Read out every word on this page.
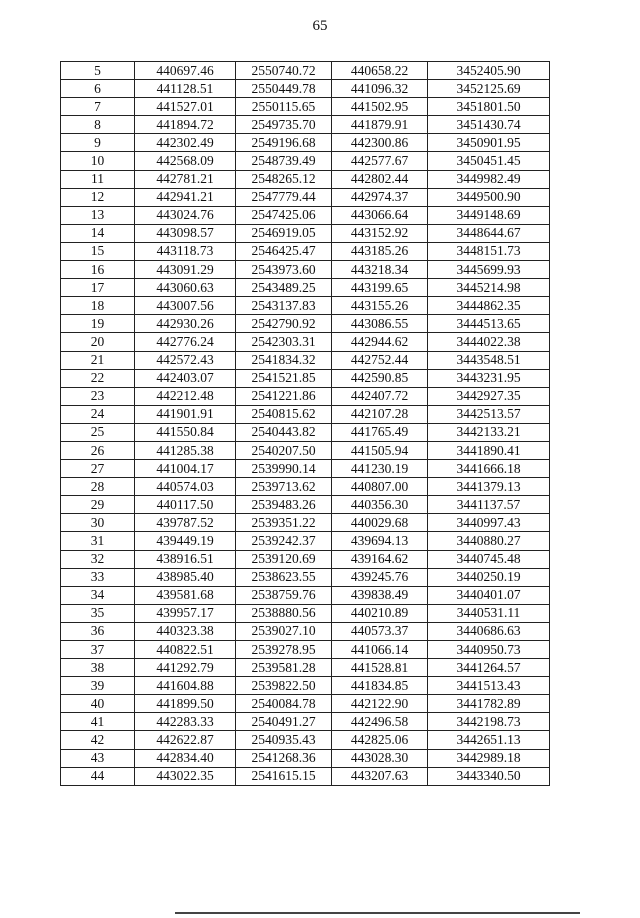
65
5	440697.46	2550740.72	440658.22	3452405.90
6	441128.51	2550449.78	441096.32	3452125.69
7	441527.01	2550115.65	441502.95	3451801.50
8	441894.72	2549735.70	441879.91	3451430.74
9	442302.49	2549196.68	442300.86	3450901.95
10	442568.09	2548739.49	442577.67	3450451.45
11	442781.21	2548265.12	442802.44	3449982.49
12	442941.21	2547779.44	442974.37	3449500.90
13	443024.76	2547425.06	443066.64	3449148.69
14	443098.57	2546919.05	443152.92	3448644.67
15	443118.73	2546425.47	443185.26	3448151.73
16	443091.29	2543973.60	443218.34	3445699.93
17	443060.63	2543489.25	443199.65	3445214.98
18	443007.56	2543137.83	443155.26	3444862.35
19	442930.26	2542790.92	443086.55	3444513.65
20	442776.24	2542303.31	442944.62	3444022.38
21	442572.43	2541834.32	442752.44	3443548.51
22	442403.07	2541521.85	442590.85	3443231.95
23	442212.48	2541221.86	442407.72	3442927.35
24	441901.91	2540815.62	442107.28	3442513.57
25	441550.84	2540443.82	441765.49	3442133.21
26	441285.38	2540207.50	441505.94	3441890.41
27	441004.17	2539990.14	441230.19	3441666.18
28	440574.03	2539713.62	440807.00	3441379.13
29	440117.50	2539483.26	440356.30	3441137.57
30	439787.52	2539351.22	440029.68	3440997.43
31	439449.19	2539242.37	439694.13	3440880.27
32	438916.51	2539120.69	439164.62	3440745.48
33	438985.40	2538623.55	439245.76	3440250.19
34	439581.68	2538759.76	439838.49	3440401.07
35	439957.17	2538880.56	440210.89	3440531.11
36	440323.38	2539027.10	440573.37	3440686.63
37	440822.51	2539278.95	441066.14	3440950.73
38	441292.79	2539581.28	441528.81	3441264.57
39	441604.88	2539822.50	441834.85	3441513.43
40	441899.50	2540084.78	442122.90	3441782.89
41	442283.33	2540491.27	442496.58	3442198.73
42	442622.87	2540935.43	442825.06	3442651.13
43	442834.40	2541268.36	443028.30	3442989.18
44	443022.35	2541615.15	443207.63	3443340.50
